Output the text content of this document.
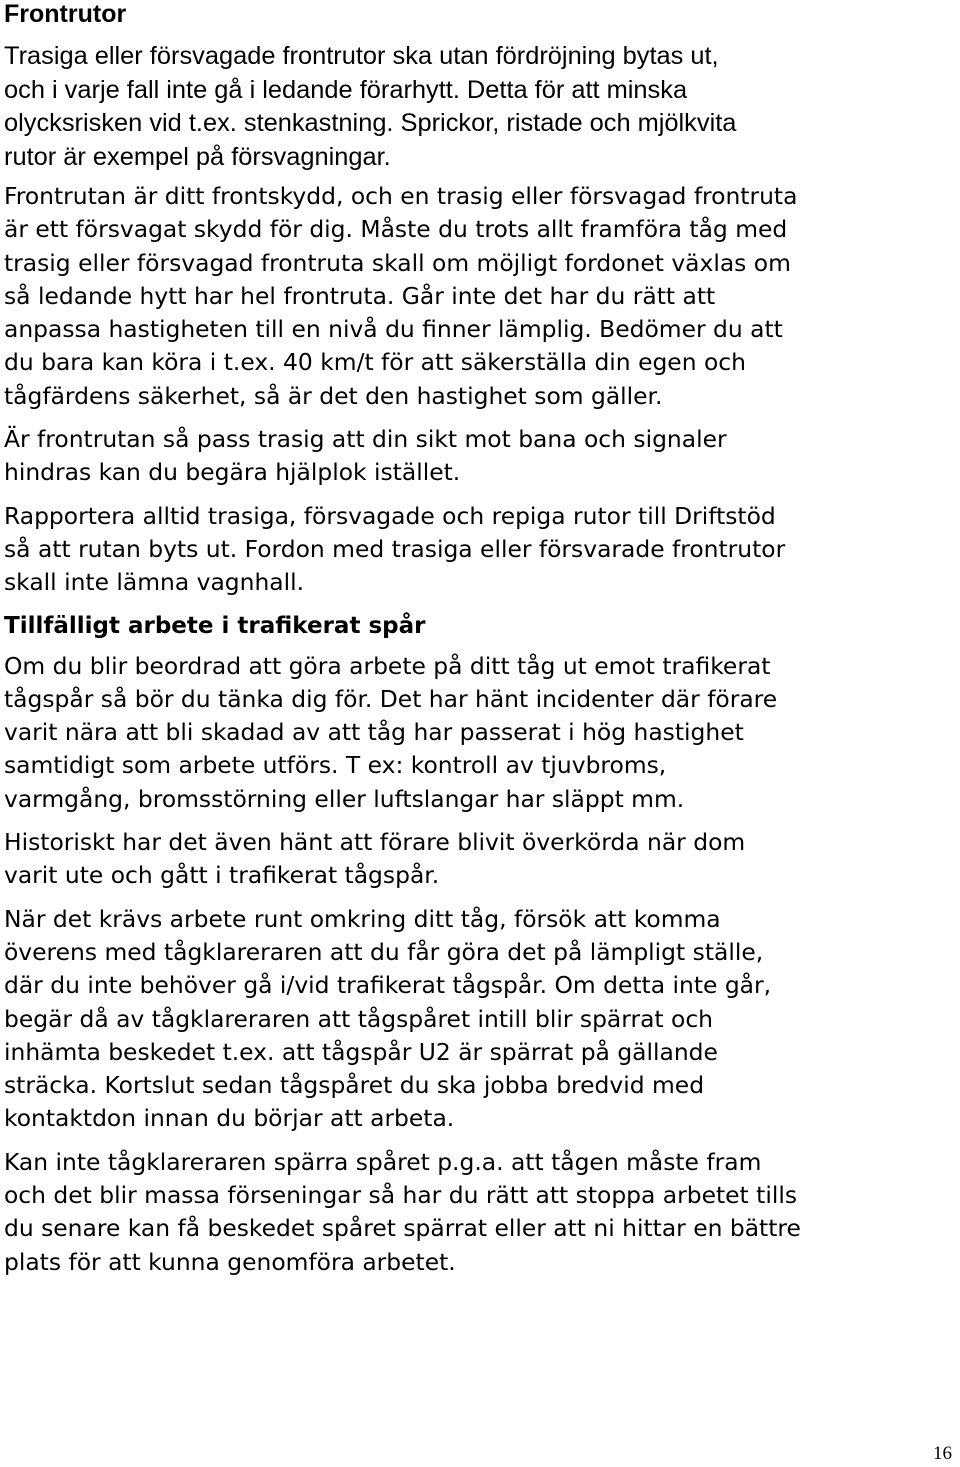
Frontrutor
Trasiga eller försvagade frontrutor ska utan fördröjning bytas ut,
och i varje fall inte gå i ledande förarhytt. Detta för att minska
olycksrisken vid t.ex. stenkastning. Sprickor, ristade och mjölkvita
rutor är exempel på försvagningar.
Frontrutan är ditt frontskydd, och en trasig eller försvagad frontruta
är ett försvagat skydd för dig. Måste du trots allt framföra tåg med
trasig eller försvagad frontruta skall om möjligt fordonet växlas om
så ledande hytt har hel frontruta. Går inte det har du rätt att
anpassa hastigheten till en nivå du finner lämplig. Bedömer du att
du bara kan köra i t.ex. 40 km/t för att säkerställa din egen och
tågfärdens säkerhet, så är det den hastighet som gäller.
Är frontrutan så pass trasig att din sikt mot bana och signaler
hindras kan du begära hjälplok istället.
Rapportera alltid trasiga, försvagade och repiga rutor till Driftstöd
så att rutan byts ut. Fordon med trasiga eller försvarade frontrutor
skall inte lämna vagnhall.
Tillfälligt arbete i trafikerat spår
Om du blir beordrad att göra arbete på ditt tåg ut emot trafikerat
tågspår så bör du tänka dig för. Det har hänt incidenter där förare
varit nära att bli skadad av att tåg har passerat i hög hastighet
samtidigt som arbete utförs. T ex: kontroll av tjuvbroms,
varmgång, bromsstörning eller luftslangar har släppt mm.
Historiskt har det även hänt att förare blivit överkörda när dom
varit ute och gått i trafikerat tågspår.
När det krävs arbete runt omkring ditt tåg, försök att komma
överens med tågklareraren att du får göra det på lämpligt ställe,
där du inte behöver gå i/vid trafikerat tågspår. Om detta inte går,
begär då av tågklareraren att tågspåret intill blir spärrat och
inhämta beskedet t.ex. att tågspår U2 är spärrat på gällande
sträcka. Kortslut sedan tågspåret du ska jobba bredvid med
kontaktdon innan du börjar att arbeta.
Kan inte tågklareraren spärra spåret p.g.a. att tågen måste fram
och det blir massa förseningar så har du rätt att stoppa arbetet tills
du senare kan få beskedet spåret spärrat eller att ni hittar en bättre
plats för att kunna genomföra arbetet.
16
